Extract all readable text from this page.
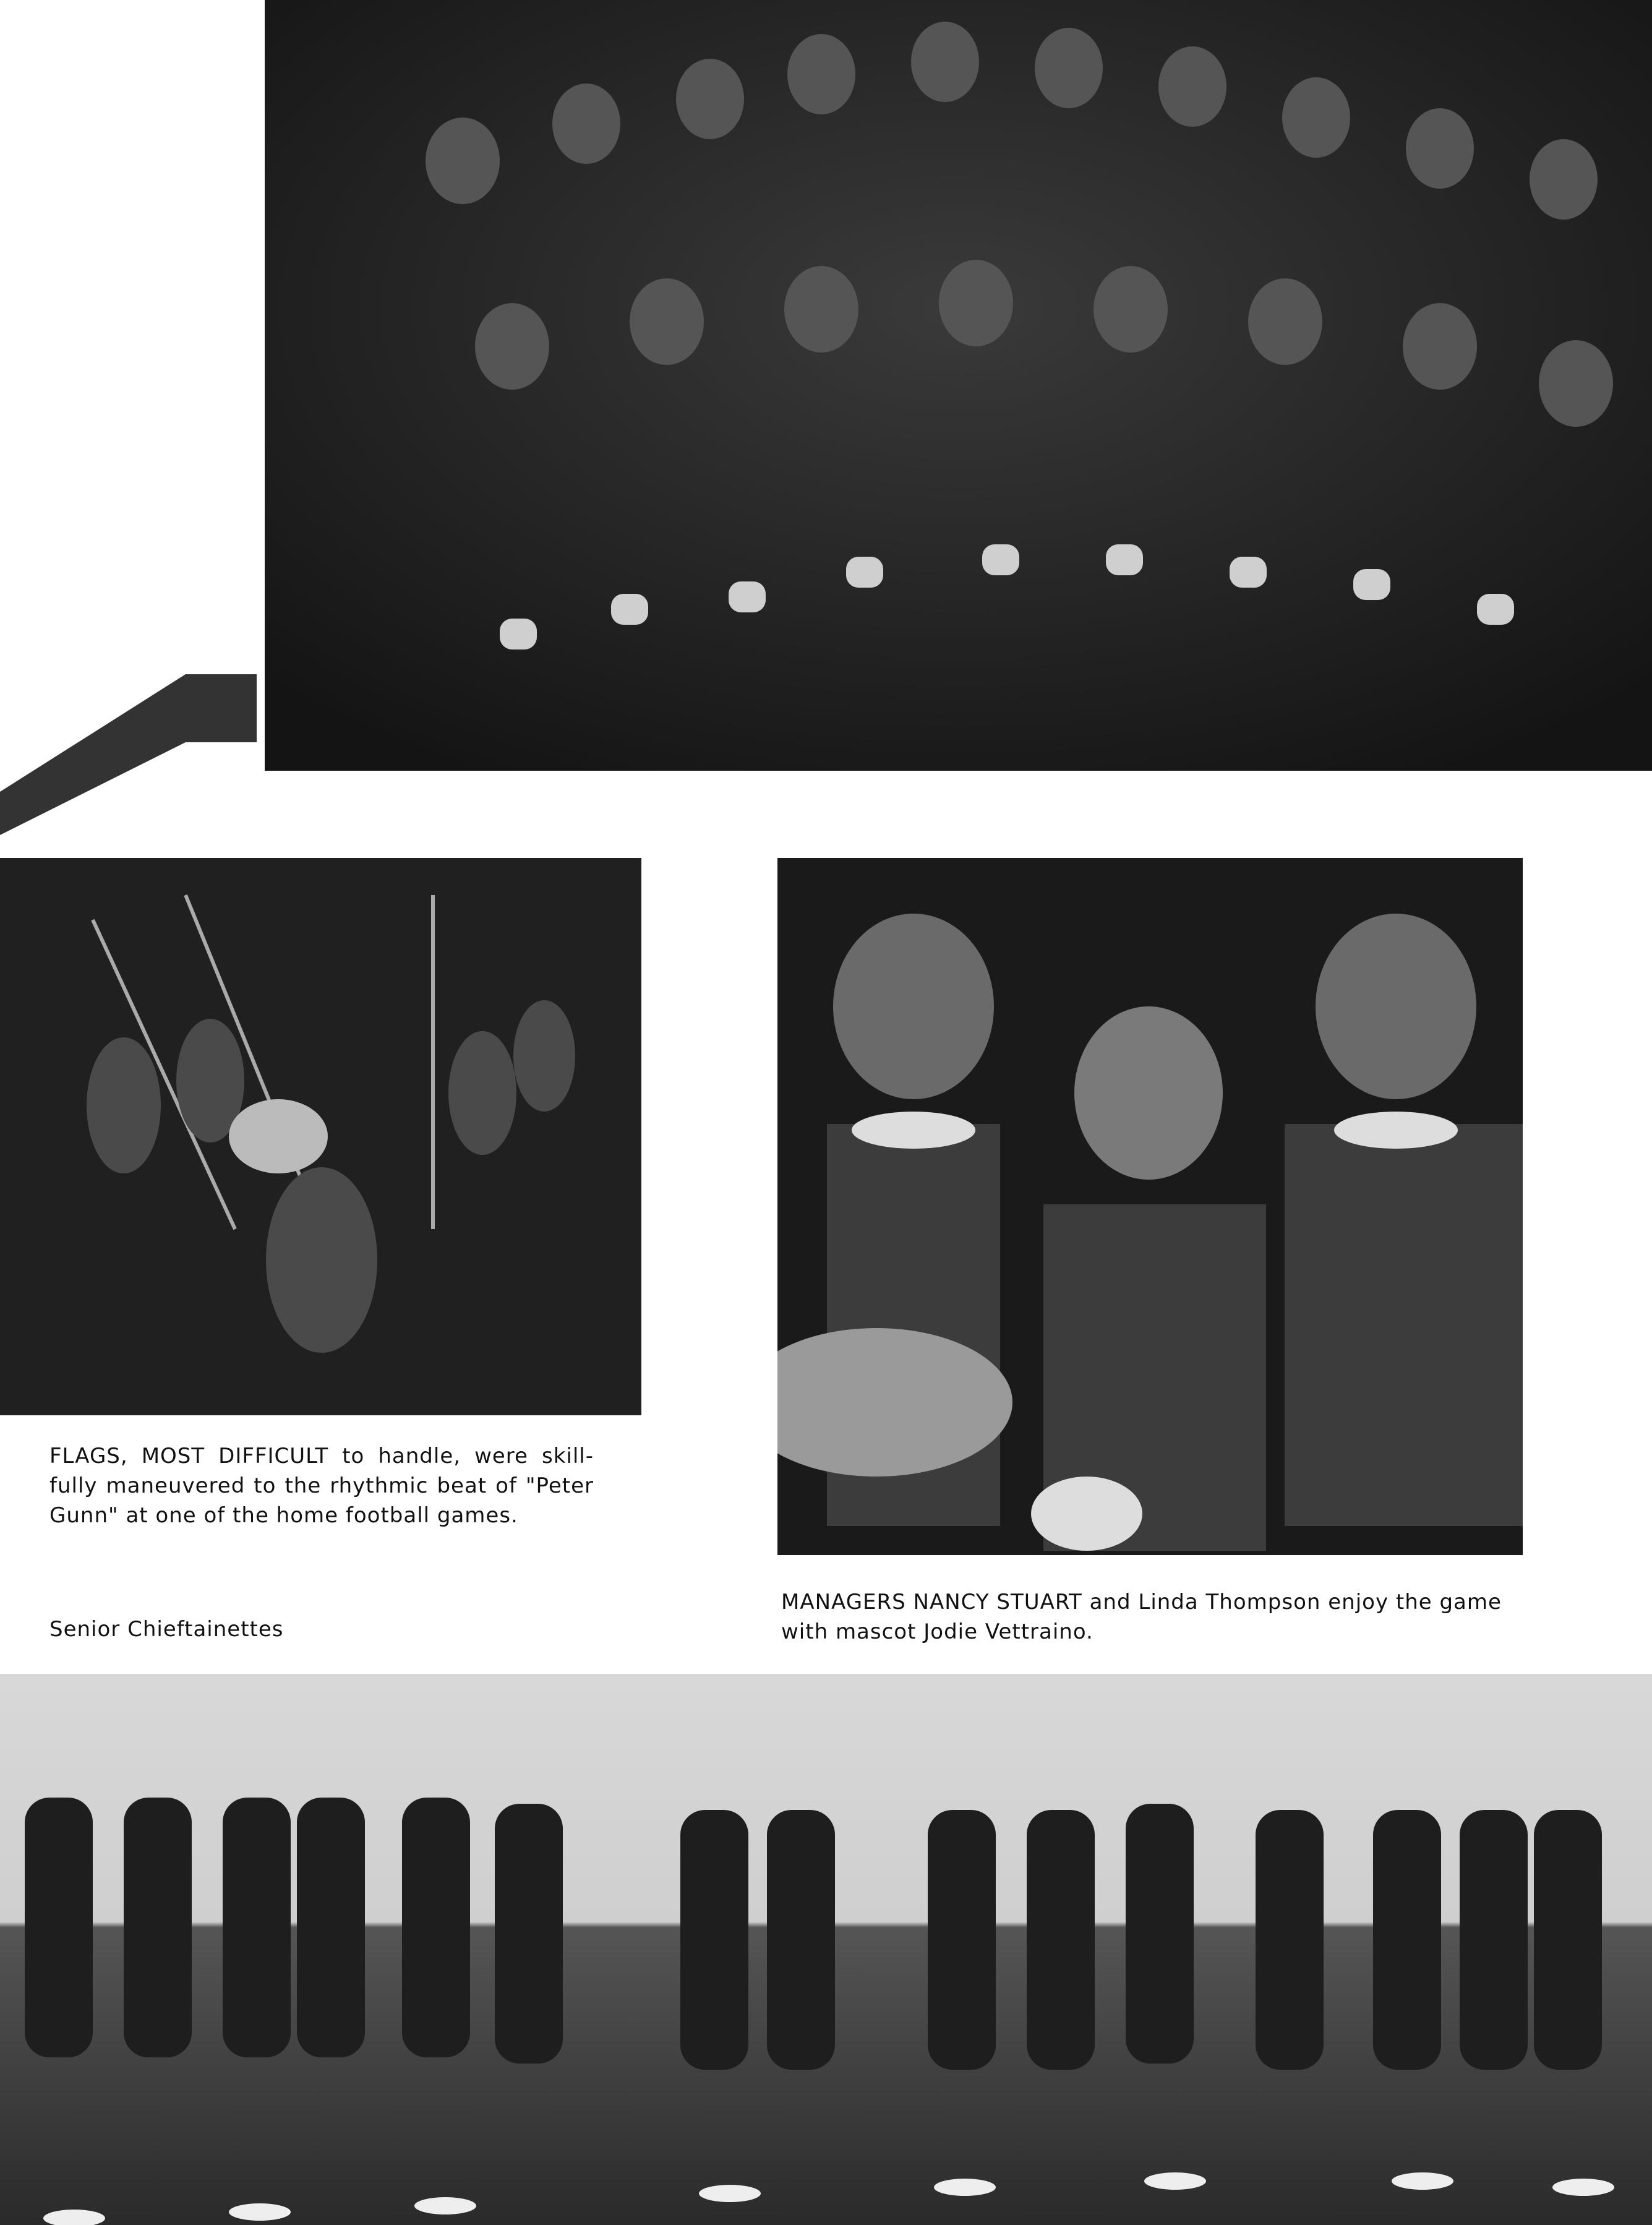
FLAGS, MOST DIFFICULT to handle, were skill-fully maneuvered to the rhythmic beat of "Peter Gunn" at one of the home football games.
Senior Chieftainettes
MANAGERS NANCY STUART and Linda Thompson enjoy the game with mascot Jodie Vettraino.
